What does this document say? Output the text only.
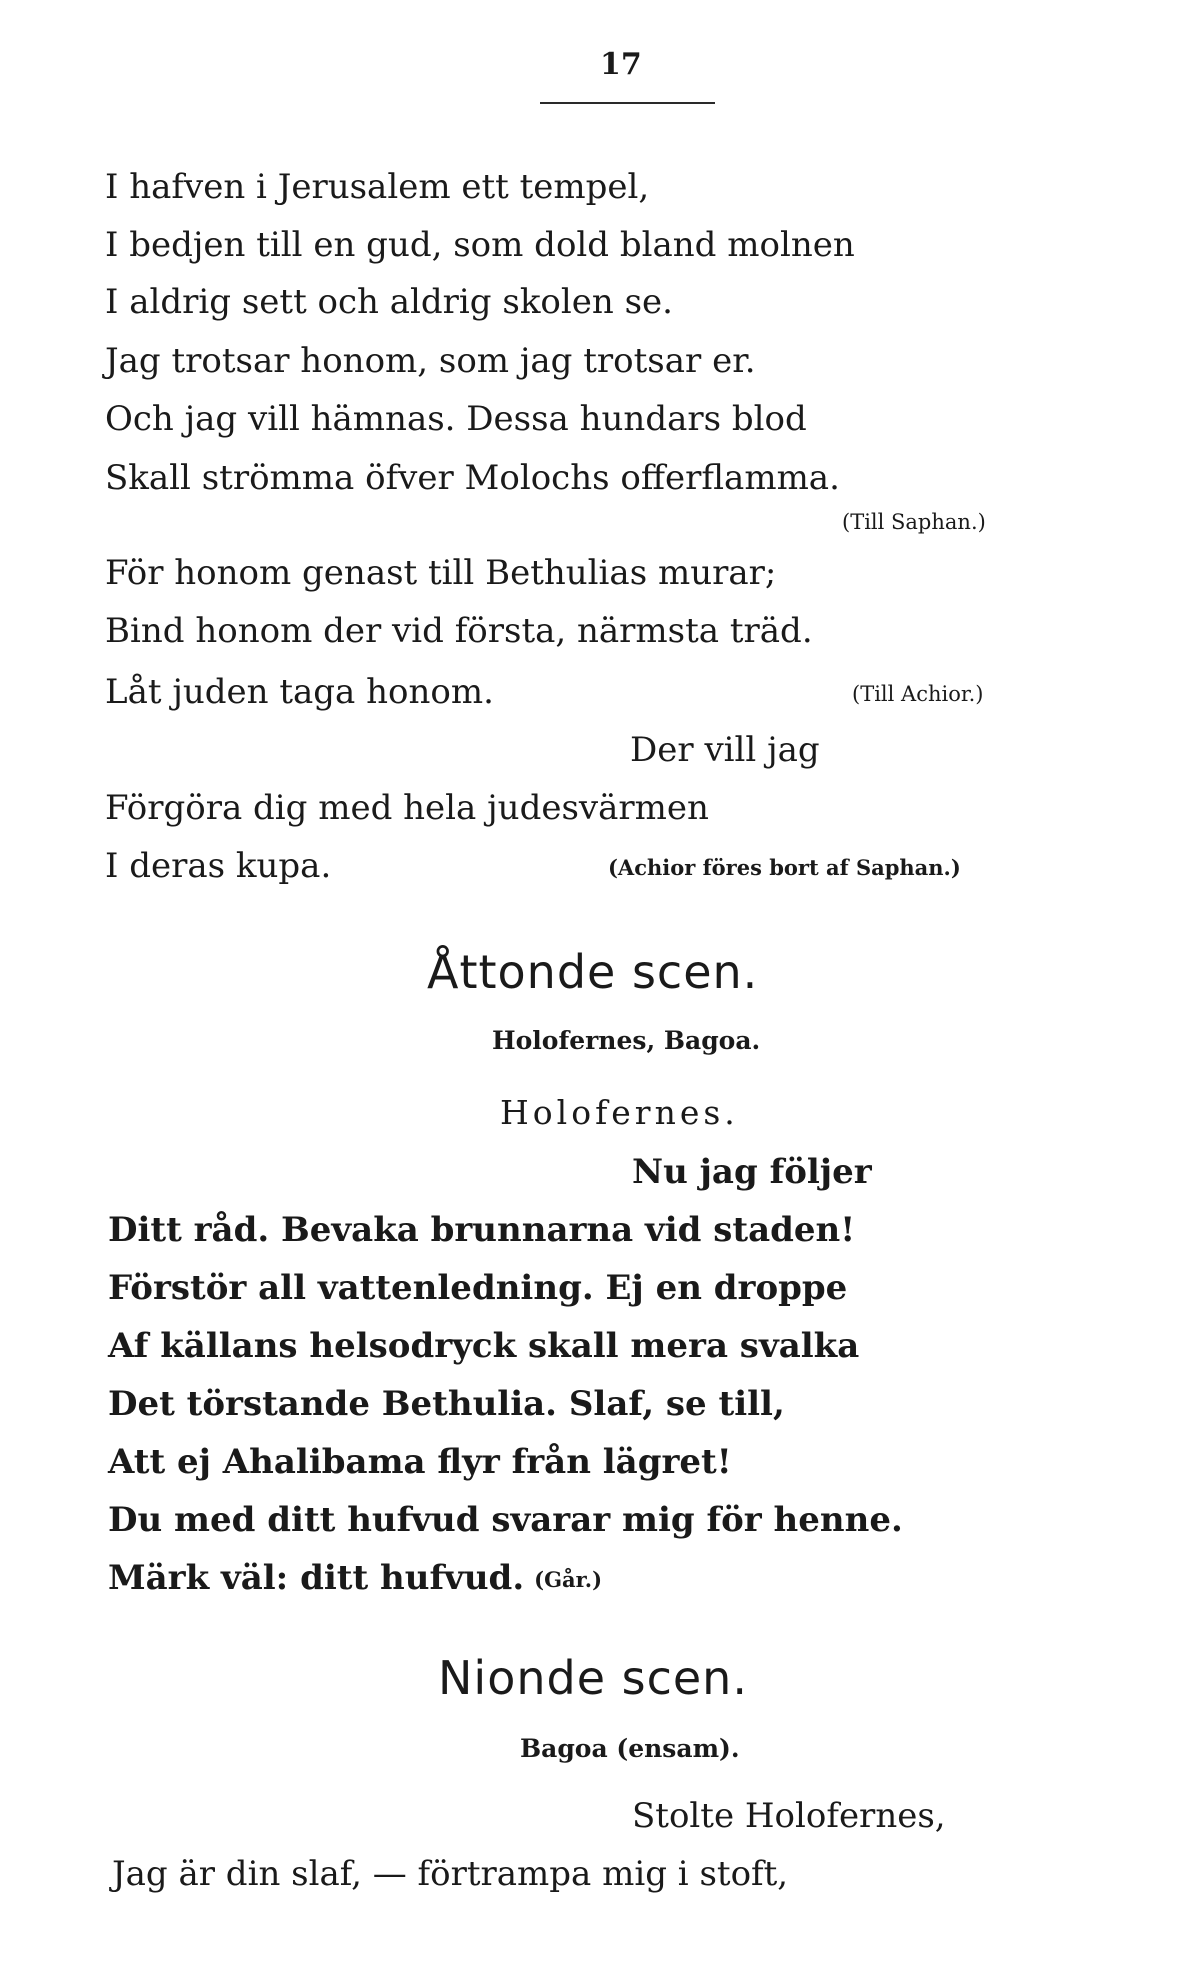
17
I hafven i Jerusalem ett tempel,
I bedjen till en gud, som dold bland molnen
I aldrig sett och aldrig skolen se.
Jag trotsar honom, som jag trotsar er.
Och jag vill hämnas. Dessa hundars blod
Skall strömma öfver Molochs offerflamma.
(Till Saphan.)
För honom genast till Bethulias murar;
Bind honom der vid första, närmsta träd.
Låt juden taga honom.	(Till Achior.)
Der vill jag
Förgöra dig med hela judesvärmen
I deras kupa.	(Achior föres bort af Saphan.)
Åttonde scen.
Holofernes, Bagoa.
Holofernes.
Nu jag följer
Ditt råd. Bevaka brunnarna vid staden!
Förstör all vattenledning. Ej en droppe
Af källans helsodryck skall mera svalka
Det törstande Bethulia. Slaf, se till,
Att ej Ahalibama flyr från lägret!
Du med ditt hufvud svarar mig för henne.
Märk väl: ditt hufvud. (Går.)
Nionde scen.
Bagoa (ensam).
Stolte Holofernes,
Jag är din slaf, — förtrampa mig i stoft,
